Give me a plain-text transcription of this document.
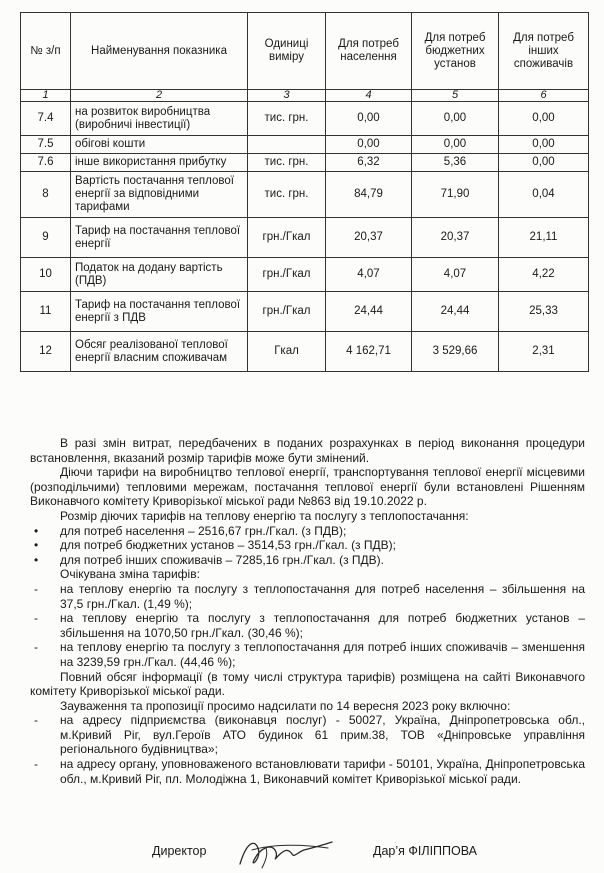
№ з/п	Найменування показника	Одиниці виміру	Для потреб населення	Для потреб бюджетних установ	Для потреб інших споживачів
1	2	3	4	5	6
7.4	на розвиток виробництва (виробничі інвестиції)	тис. грн.	0,00	0,00	0,00
7.5	обігові кошти		0,00	0,00	0,00
7.6	інше використання прибутку	тис. грн.	6,32	5,36	0,00
8	Вартість постачання теплової енергії за відповідними тарифами	тис. грн.	84,79	71,90	0,04
9	Тариф на постачання теплової енергії	грн./Гкал	20,37	20,37	21,11
10	Податок на додану вартість (ПДВ)	грн./Гкал	4,07	4,07	4,22
11	Тариф на постачання теплової енергії з ПДВ	грн./Гкал	24,44	24,44	25,33
12	Обсяг реалізованої теплової енергії власним споживачам	Гкал	4 162,71	3 529,66	2,31

В разі змін витрат, передбачених в поданих розрахунках в період виконання процедури встановлення, вказаний розмір тарифів може бути змінений.

Діючи тарифи на виробництво теплової енергії, транспортування теплової енергії місцевими (розподільчими) тепловими мережам, постачання теплової енергії були встановлені Рішенням Виконавчого комітету Криворізької міської ради №863 від 19.10.2022 р.

Розмір діючих тарифів на теплову енергію та послугу з теплопостачання:

• для потреб населення – 2516,67 грн./Гкал. (з ПДВ);
• для потреб бюджетних установ – 3514,53 грн./Гкал. (з ПДВ);
• для потреб інших споживачів – 7285,16 грн./Гкал. (з ПДВ).

Очікувана зміна тарифів:

- на теплову енергію та послугу з теплопостачання для потреб населення – збільшення на 37,5 грн./Гкал. (1,49 %);
- на теплову енергію та послугу з теплопостачання для потреб бюджетних установ – збільшення на 1070,50 грн./Гкал. (30,46 %);
- на теплову енергію та послугу з теплопостачання для потреб інших споживачів – зменшення на 3239,59 грн./Гкал. (44,46 %);

Повний обсяг інформації (в тому числі структура тарифів) розміщена на сайті Виконавчого комітету Криворізької міської ради.

Зауваження та пропозиції просимо надсилати по 14 вересня 2023 року включно:

- на адресу підприємства (виконавця послуг) - 50027, Україна, Дніпропетровська обл., м.Кривий Ріг, вул.Героїв АТО будинок 61 прим.38, ТОВ «Дніпровське управління регіонального будівництва»;
- на адресу органу, уповноваженого встановлювати тарифи - 50101, Україна, Дніпропетровська обл., м.Кривий Ріг, пл. Молодіжна 1, Виконавчий комітет Криворізької міської ради.
Директор	Дар’я ФІЛІППОВА
